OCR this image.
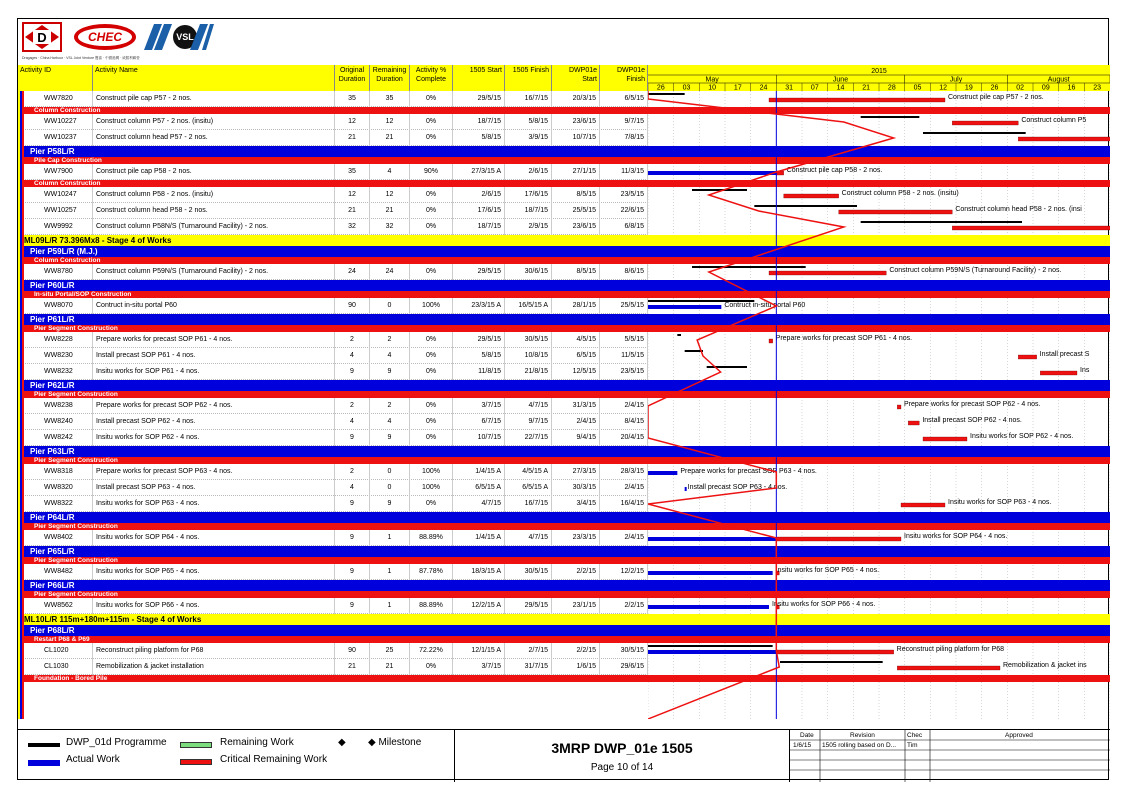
D	CHEC	VSL
Dragages · China Harbour · VSL Joint Venture 寶嘉 · 中國港灣 · 威勝利聯營
Activity ID	Activity Name	Original
Duration
Remaining
Duration
Activity %
Complete
1505 Start	1505 Finish	DWP01e
Start
DWP01e
Finish
2015
May	June	July	August
26	03	10	17	24	31	07	14	21	28	05	12	19	26	02	09	16	23
WW7820	Construct pile cap P57 - 2 nos.	35	35	0%	29/5/15	16/7/15	20/3/15	6/5/15
Column Construction
WW10227	Construct column P57 - 2 nos. (insitu)	12	12	0%	18/7/15	5/8/15	23/6/15	9/7/15
WW10237	Construct column head P57 - 2 nos.	21	21	0%	5/8/15	3/9/15	10/7/15	7/8/15
Pier P58L/R
Pile Cap Construction
WW7900	Construct pile cap P58 - 2 nos.	35	4	90%	27/3/15 A	2/6/15	27/1/15	11/3/15
Column Construction
WW10247	Construct column P58 - 2 nos. (insitu)	12	12	0%	2/6/15	17/6/15	8/5/15	23/5/15
WW10257	Construct column head P58 - 2 nos.	21	21	0%	17/6/15	18/7/15	25/5/15	22/6/15
WW9992	Construct column P58N/S (Turnaround Facility) - 2 nos.	32	32	0%	18/7/15	2/9/15	23/6/15	6/8/15
ML09L/R 73.396Mx8 - Stage 4 of Works
Pier P59L/R (M.J.)
Column Construction
WW8780	Construct column P59N/S (Turnaround Facility) - 2 nos.	24	24	0%	29/5/15	30/6/15	8/5/15	8/6/15
Pier P60L/R
In-situ Portal/SOP Construction
WW8070	Contruct in-situ portal P60	90	0	100%	23/3/15 A	16/5/15 A	28/1/15	25/5/15
Pier P61L/R
Pier Segment Construction
WW8228	Prepare works for precast SOP P61 - 4 nos.	2	2	0%	29/5/15	30/5/15	4/5/15	5/5/15
WW8230	Install precast SOP P61 - 4 nos.	4	4	0%	5/8/15	10/8/15	6/5/15	11/5/15
WW8232	Insitu works for SOP P61 - 4 nos.	9	9	0%	11/8/15	21/8/15	12/5/15	23/5/15
Pier P62L/R
Pier Segment Construction
WW8238	Prepare works for precast SOP P62 - 4 nos.	2	2	0%	3/7/15	4/7/15	31/3/15	2/4/15
WW8240	Install precast SOP P62 - 4 nos.	4	4	0%	6/7/15	9/7/15	2/4/15	8/4/15
WW8242	Insitu works for SOP P62 - 4 nos.	9	9	0%	10/7/15	22/7/15	9/4/15	20/4/15
Pier P63L/R
Pier Segment Construction
WW8318	Prepare works for precast SOP P63 - 4 nos.	2	0	100%	1/4/15 A	4/5/15 A	27/3/15	28/3/15
WW8320	Install precast SOP P63 - 4 nos.	4	0	100%	6/5/15 A	6/5/15 A	30/3/15	2/4/15
WW8322	Insitu works for SOP P63 - 4 nos.	9	9	0%	4/7/15	16/7/15	3/4/15	16/4/15
Pier P64L/R
Pier Segment Construction
WW8402	Insitu works for SOP P64 - 4 nos.	9	1	88.89%	1/4/15 A	4/7/15	23/3/15	2/4/15
Pier P65L/R
Pier Segment Construction
WW8482	Insitu works for SOP P65 - 4 nos.	9	1	87.78%	18/3/15 A	30/5/15	2/2/15	12/2/15
Pier P66L/R
Pier Segment Construction
WW8562	Insitu works for SOP P66 - 4 nos.	9	1	88.89%	12/2/15 A	29/5/15	23/1/15	2/2/15
ML10L/R 115m+180m+115m - Stage 4 of Works
Pier P68L/R
Restart P68 & P69
CL1020	Reconstruct piling platform for P68	90	25	72.22%	12/1/15 A	2/7/15	2/2/15	30/5/15
CL1030	Remobilization & jacket installation	21	21	0%	3/7/15	31/7/15	1/6/15	29/6/15
Foundation - Bored Pile
Construct pile cap P57 - 2 nos.
Construct column P5
Construct pile cap P58 - 2 nos.
Construct column P58 - 2 nos. (insitu)
Construct column head P58 - 2 nos. (insi
Construct column P59N/S (Turnaround Facility) - 2 nos.
Contruct in-situ portal P60
Prepare works for precast SOP P61 - 4 nos.
Install precast S
Ins
Prepare works for precast SOP P62 - 4 nos.
Install precast SOP P62 - 4 nos.
Insitu works for SOP P62 - 4 nos.
Prepare works for precast SOP P63 - 4 nos.
Install precast SOP P63 - 4 nos.
Insitu works for SOP P63 - 4 nos.
Insitu works for SOP P64 - 4 nos.
Insitu works for SOP P65 - 4 nos.
Insitu works for SOP P66 - 4 nos.
Reconstruct piling platform for P68
Remobilization & jacket ins
DWP_01d Programme
Actual Work
Remaining Work
Critical Remaining Work
◆ ◆ Milestone	3MRP DWP_01e 1505
Page 10 of 14
Date	Revision	Chec	Approved
1/6/15 1505 rolling based on D...	Tim
